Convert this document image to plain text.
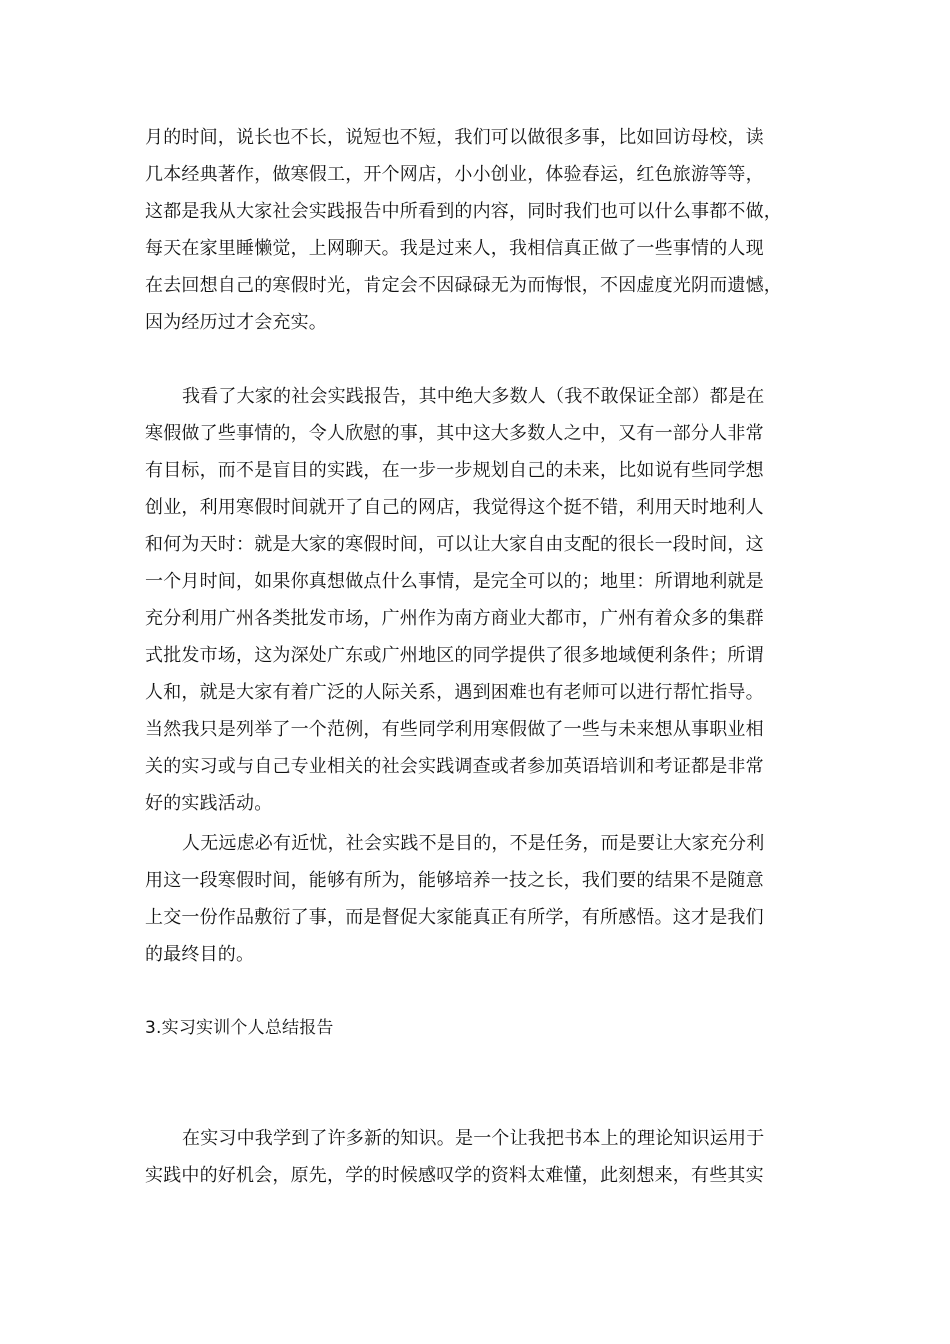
月的时间，说长也不长，说短也不短，我们可以做很多事，比如回访母校，读
几本经典著作，做寒假工，开个网店，小小创业，体验春运，红色旅游等等，
这都是我从大家社会实践报告中所看到的内容，同时我们也可以什么事都不做，
每天在家里睡懒觉，上网聊天。我是过来人，我相信真正做了一些事情的人现
在去回想自己的寒假时光，肯定会不因碌碌无为而悔恨，不因虚度光阴而遗憾，
因为经历过才会充实。
我看了大家的社会实践报告，其中绝大多数人（我不敢保证全部）都是在
寒假做了些事情的，令人欣慰的事，其中这大多数人之中，又有一部分人非常
有目标，而不是盲目的实践，在一步一步规划自己的未来，比如说有些同学想
创业，利用寒假时间就开了自己的网店，我觉得这个挺不错，利用天时地利人
和何为天时：就是大家的寒假时间，可以让大家自由支配的很长一段时间，这
一个月时间，如果你真想做点什么事情，是完全可以的；地里：所谓地利就是
充分利用广州各类批发市场，广州作为南方商业大都市，广州有着众多的集群
式批发市场，这为深处广东或广州地区的同学提供了很多地域便利条件；所谓
人和，就是大家有着广泛的人际关系，遇到困难也有老师可以进行帮忙指导。
当然我只是列举了一个范例，有些同学利用寒假做了一些与未来想从事职业相
关的实习或与自己专业相关的社会实践调查或者参加英语培训和考证都是非常
好的实践活动。
人无远虑必有近忧，社会实践不是目的，不是任务，而是要让大家充分利
用这一段寒假时间，能够有所为，能够培养一技之长，我们要的结果不是随意
上交一份作品敷衍了事，而是督促大家能真正有所学，有所感悟。这才是我们
的最终目的。
3.实习实训个人总结报告
在实习中我学到了许多新的知识。是一个让我把书本上的理论知识运用于
实践中的好机会，原先，学的时候感叹学的资料太难懂，此刻想来，有些其实
